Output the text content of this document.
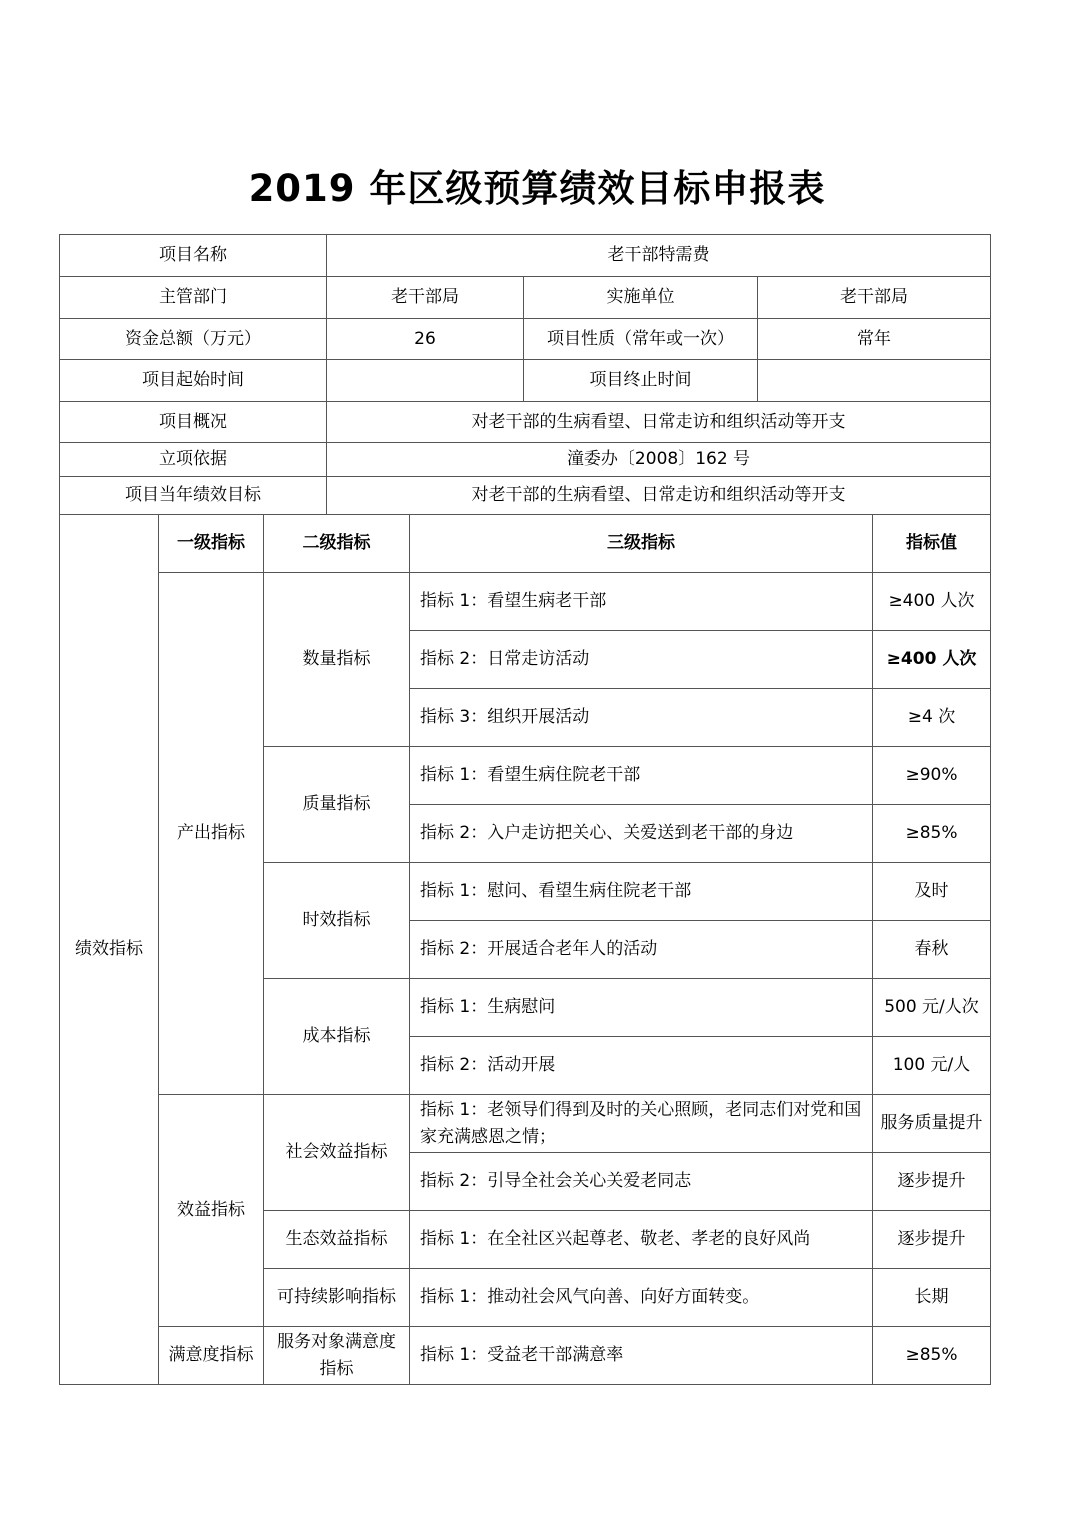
2019 年区级预算绩效目标申报表
项目名称	老干部特需费		
主管部门	老干部局	实施单位	老干部局
资金总额（万元）	26	项目性质（常年或一次）	常年
项目起始时间		项目终止时间	
项目概况	对老干部的生病看望、日常走访和组织活动等开支		
立项依据	潼委办〔2008〕162 号		
项目当年绩效目标	对老干部的生病看望、日常走访和组织活动等开支		
绩效指标	一级指标	二级指标	三级指标	指标值
	产出指标	数量指标	指标 1：看望生病老干部	≥400 人次
			指标 2：日常走访活动	≥400 人次
			指标 3：组织开展活动	≥4 次
		质量指标	指标 1：看望生病住院老干部	≥90%
			指标 2：入户走访把关心、关爱送到老干部的身边	≥85%
		时效指标	指标 1：慰问、看望生病住院老干部	及时
			指标 2：开展适合老年人的活动	春秋
		成本指标	指标 1：生病慰问	500 元/人次
			指标 2：活动开展	100 元/人
	效益指标	社会效益指标	指标 1：老领导们得到及时的关心照顾，老同志们对党和国家充满感恩之情；	服务质量提升
			指标 2：引导全社会关心关爱老同志	逐步提升
		生态效益指标	指标 1：在全社区兴起尊老、敬老、孝老的良好风尚	逐步提升
		可持续影响指标	指标 1：推动社会风气向善、向好方面转变。	长期
	满意度指标	服务对象满意度指标	指标 1：受益老干部满意率	≥85%
